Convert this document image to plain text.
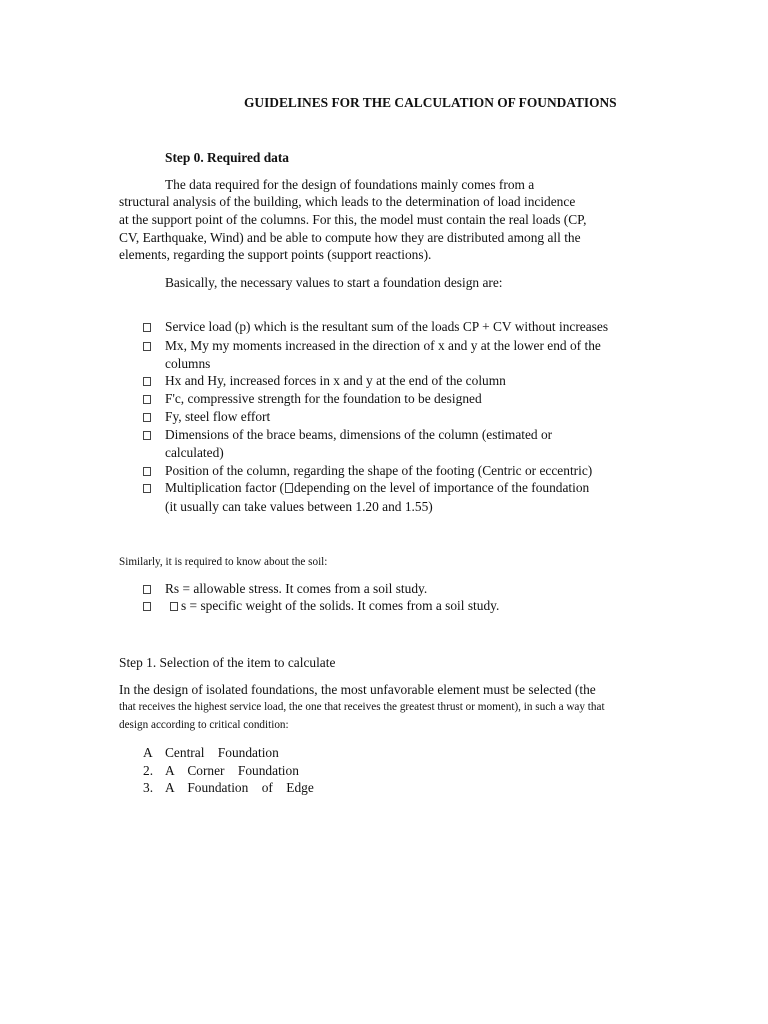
GUIDELINES FOR THE CALCULATION OF FOUNDATIONS
Step 0. Required data
The data required for the design of foundations mainly comes from a
structural analysis of the building, which leads to the determination of load incidence
at the support point of the columns. For this, the model must contain the real loads (CP,
CV, Earthquake, Wind) and be able to compute how they are distributed among all the
elements, regarding the support points (support reactions).
Basically, the necessary values to start a foundation design are:
Service load (p) which is the resultant sum of the loads CP + CV without increases
Mx, My my moments increased in the direction of x and y at the lower end of the
columns
Hx and Hy, increased forces in x and y at the end of the column
F'c, compressive strength for the foundation to be designed
Fy, steel flow effort
Dimensions of the brace beams, dimensions of the column (estimated or
calculated)
Position of the column, regarding the shape of the footing (Centric or eccentric)
Multiplication factor ( depending on the level of importance of the foundation
(it usually can take values between 1.20 and 1.55)
Similarly, it is required to know about the soil:
Rs = allowable stress. It comes from a soil study.
s = specific weight of the solids. It comes from a soil study.
Step 1. Selection of the item to calculate
In the design of isolated foundations, the most unfavorable element must be selected (the
that receives the highest service load, the one that receives the greatest thrust or moment), in such a way that
design according to critical condition:
A Central    Foundation
2. A    Corner    Foundation
3. A    Foundation    of    Edge
